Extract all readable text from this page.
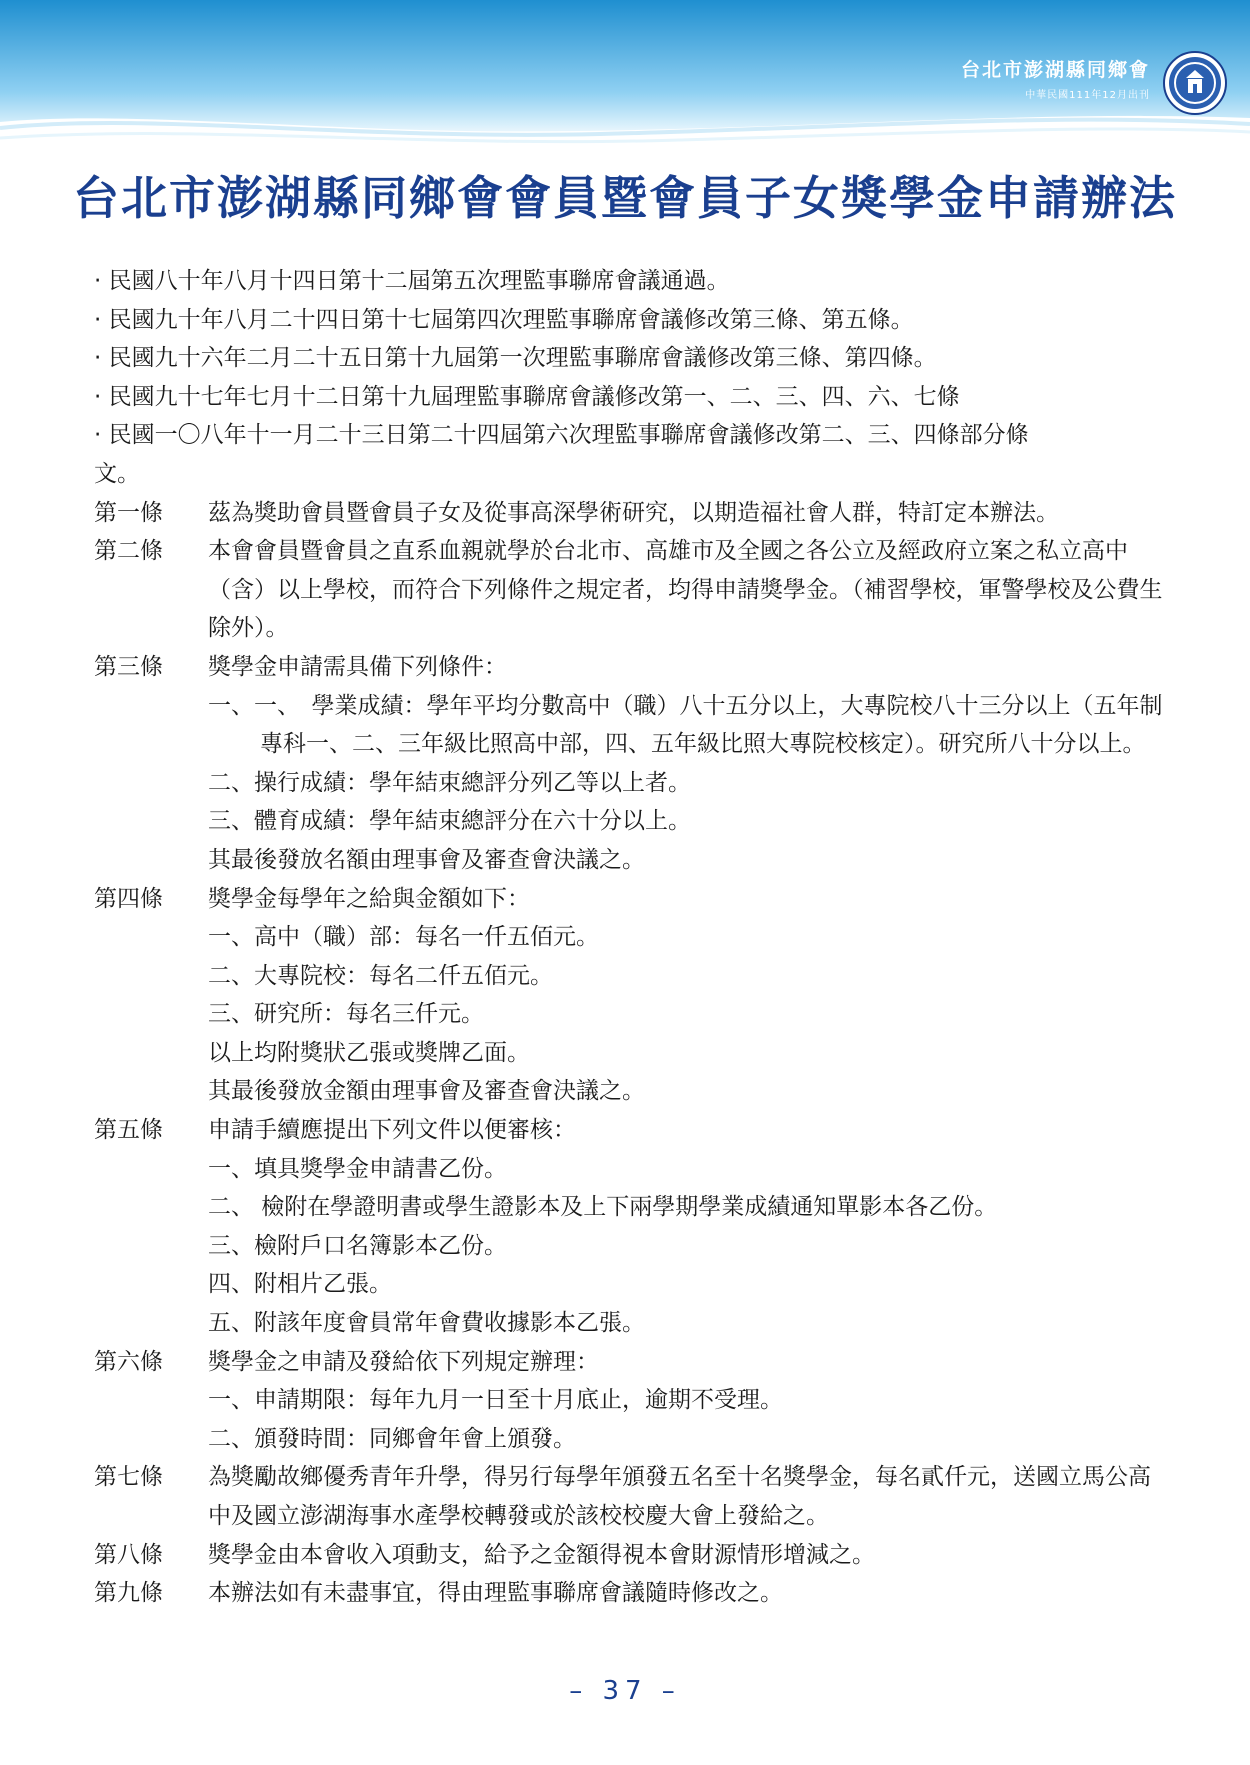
台北市澎湖縣同鄉會
中華民國111年12月出刊
台北市澎湖縣同鄉會會員暨會員子女獎學金申請辦法
· 民國八十年八月十四日第十二屆第五次理監事聯席會議通過。
· 民國九十年八月二十四日第十七屆第四次理監事聯席會議修改第三條、第五條。
· 民國九十六年二月二十五日第十九屆第一次理監事聯席會議修改第三條、第四條。
· 民國九十七年七月十二日第十九屆理監事聯席會議修改第一、二、三、四、六、七條
· 民國一〇八年十一月二十三日第二十四屆第六次理監事聯席會議修改第二、三、四條部分條
文。
第一條 茲為獎助會員暨會員子女及從事高深學術研究，以期造福社會人群，特訂定本辦法。
第二條 本會會員暨會員之直系血親就學於台北市、高雄市及全國之各公立及經政府立案之私立高中（含）以上學校，而符合下列條件之規定者，均得申請獎學金。（補習學校，軍警學校及公費生除外）。
第三條 獎學金申請需具備下列條件：
一、一、　學業成績：學年平均分數高中（職）八十五分以上，大專院校八十三分以上（五年制專科一、二、三年級比照高中部，四、五年級比照大專院校核定）。研究所八十分以上。
二、操行成績：學年結束總評分列乙等以上者。
三、體育成績：學年結束總評分在六十分以上。
其最後發放名額由理事會及審查會決議之。
第四條 獎學金每學年之給與金額如下：
一、高中（職）部：每名一仟五佰元。
二、大專院校：每名二仟五佰元。
三、研究所：每名三仟元。
以上均附獎狀乙張或獎牌乙面。
其最後發放金額由理事會及審查會決議之。
第五條 申請手續應提出下列文件以便審核：
一、填具獎學金申請書乙份。
二、 檢附在學證明書或學生證影本及上下兩學期學業成績通知單影本各乙份。
三、檢附戶口名簿影本乙份。
四、附相片乙張。
五、附該年度會員常年會費收據影本乙張。
第六條 獎學金之申請及發給依下列規定辦理：
一、申請期限：每年九月一日至十月底止，逾期不受理。
二、頒發時間：同鄉會年會上頒發。
第七條 為獎勵故鄉優秀青年升學，得另行每學年頒發五名至十名獎學金，每名貳仟元，送國立馬公高中及國立澎湖海事水產學校轉發或於該校校慶大會上發給之。
第八條 獎學金由本會收入項動支，給予之金額得視本會財源情形增減之。
第九條 本辦法如有未盡事宜，得由理監事聯席會議隨時修改之。
– 37 –
